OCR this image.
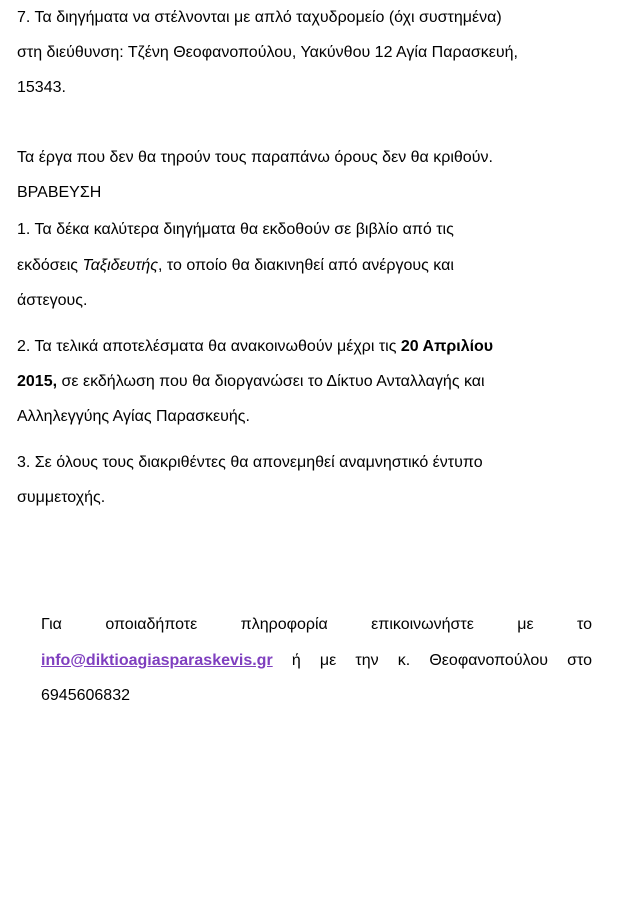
7. Τα διηγήματα να στέλνονται με απλό ταχυδρομείο (όχι συστημένα)
στη διεύθυνση: Τζένη Θεοφανοπούλου, Υακύνθου 12 Αγία Παρασκευή,
15343.
Τα έργα που δεν θα τηρούν τους παραπάνω όρους δεν θα κριθούν.
ΒΡΑΒΕΥΣΗ
1. Τα δέκα καλύτερα διηγήματα θα εκδοθούν σε βιβλίο από τις
εκδόσεις Ταξιδευτής, το οποίο θα διακινηθεί από ανέργους και
άστεγους.
2. Τα τελικά αποτελέσματα θα ανακοινωθούν μέχρι τις 20 Απριλίου
2015, σε εκδήλωση που θα διοργανώσει το Δίκτυο Ανταλλαγής και
Αλληλεγγύης Αγίας Παρασκευής.
3. Σε όλους τους διακριθέντες θα απονεμηθεί αναμνηστικό έντυπο
συμμετοχής.
Για οποιαδήποτε πληροφορία επικοινωνήστε με το
info@diktioagiasparaskevis.gr ή με την κ. Θεοφανοπούλου στο
6945606832
